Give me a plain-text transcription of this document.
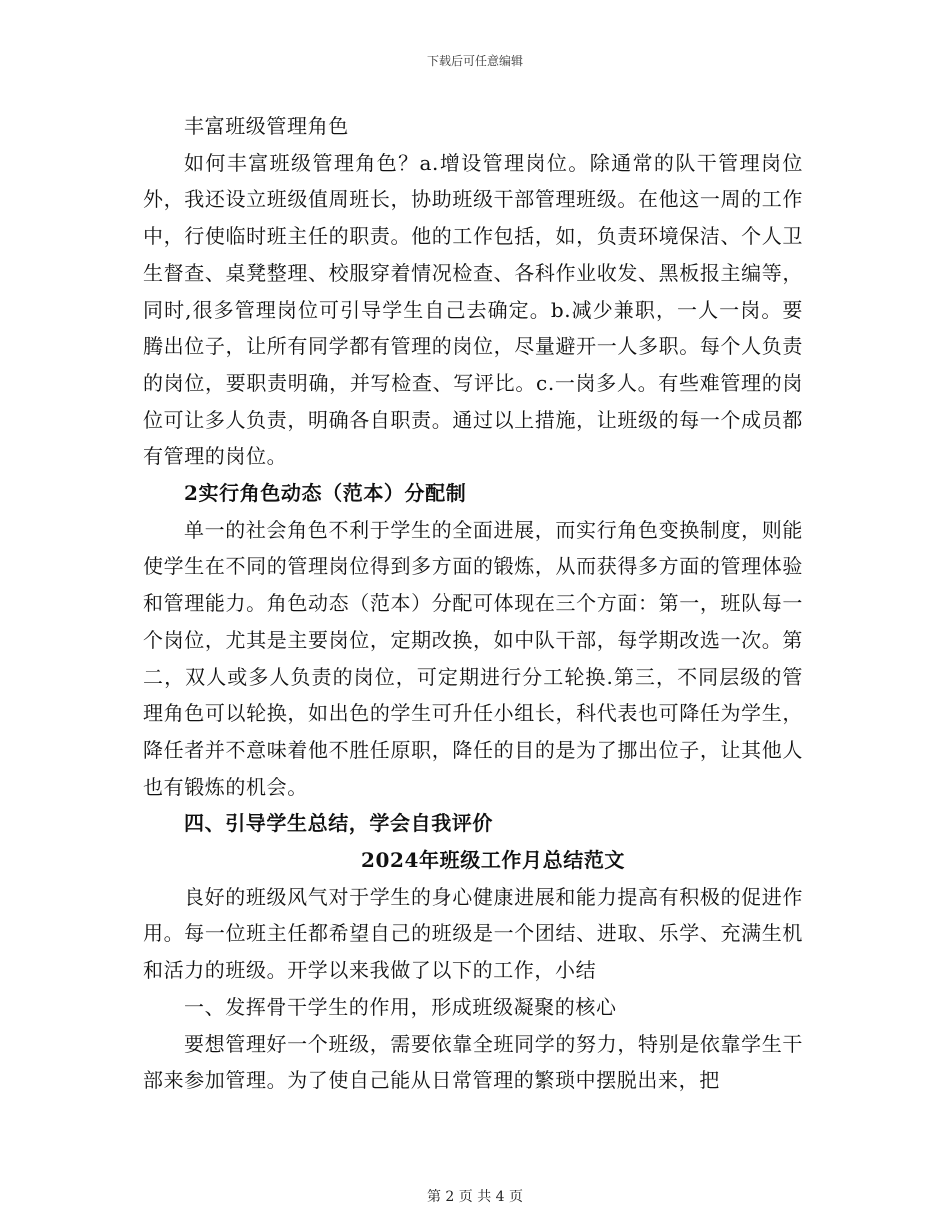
下载后可任意编辑

丰富班级管理角色

如何丰富班级管理角色？a.增设管理岗位。除通常的队干管理岗位外，我还设立班级值周班长，协助班级干部管理班级。在他这一周的工作中，行使临时班主任的职责。他的工作包括，如，负责环境保洁、个人卫生督查、桌凳整理、校服穿着情况检查、各科作业收发、黑板报主编等，同时,很多管理岗位可引导学生自己去确定。b.减少兼职，一人一岗。要腾出位子，让所有同学都有管理的岗位，尽量避开一人多职。每个人负责的岗位，要职责明确，并写检查、写评比。c.一岗多人。有些难管理的岗位可让多人负责，明确各自职责。通过以上措施，让班级的每一个成员都有管理的岗位。

2实行角色动态（范本）分配制

单一的社会角色不利于学生的全面进展，而实行角色变换制度，则能使学生在不同的管理岗位得到多方面的锻炼，从而获得多方面的管理体验和管理能力。角色动态（范本）分配可体现在三个方面：第一，班队每一个岗位，尤其是主要岗位，定期改换，如中队干部，每学期改选一次。第二，双人或多人负责的岗位，可定期进行分工轮换.第三，不同层级的管理角色可以轮换，如出色的学生可升任小组长，科代表也可降任为学生，降任者并不意味着他不胜任原职，降任的目的是为了挪出位子，让其他人也有锻炼的机会。

四、引导学生总结，学会自我评价

2024年班级工作月总结范文

良好的班级风气对于学生的身心健康进展和能力提高有积极的促进作用。每一位班主任都希望自己的班级是一个团结、进取、乐学、充满生机和活力的班级。开学以来我做了以下的工作，小结

一、发挥骨干学生的作用，形成班级凝聚的核心

要想管理好一个班级，需要依靠全班同学的努力，特别是依靠学生干部来参加管理。为了使自己能从日常管理的繁琐中摆脱出来，把

第 2 页 共 4 页
